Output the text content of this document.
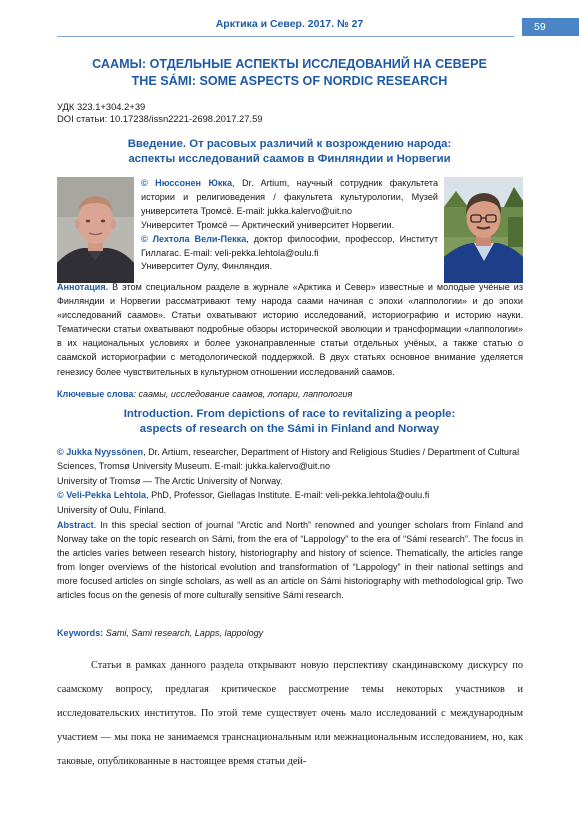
Арктика и Север. 2017. № 27	59
СААМЫ: ОТДЕЛЬНЫЕ АСПЕКТЫ ИССЛЕДОВАНИЙ НА СЕВЕРЕ
THE SÁMI: SOME ASPECTS OF NORDIC RESEARCH
УДК 323.1+304.2+39
DOI статьи: 10.17238/issn2221-2698.2017.27.59
Введение. От расовых различий к возрождению народа:
аспекты исследований саамов в Финляндии и Норвегии
© Нюссонен Юкка, Dr. Artium, научный сотрудник факультета истории и религиоведения / факультета культурологии, Музей университета Тромсё. E-mail: jukka.kalervo@uit.no
Университет Тромсё — Арктический университет Норвегии.
© Лехтола Вели-Пекка, доктор философии, профессор, Институт Гиллагас. E-mail: veli-pekka.lehtola@oulu.fi
Университет Оулу, Финляндия.
Аннотация. В этом специальном разделе в журнале «Арктика и Север» известные и молодые учёные из Финляндии и Норвегии рассматривают тему народа саами начиная с эпохи «лаппологии» и до эпохи «исследований саамов». Статьи охватывают историю исследований, историографию и историю науки. Тематически статьи охватывают подробные обзоры исторической эволюции и трансформации «лаппологии» в их национальных условиях и более узконаправленные статьи отдельных учёных, а также статью о саамской историографии с методологической поддержкой. В двух статьях основное внимание уделяется генезису более чувствительных в культурном отношении исследований саамов.
Ключевые слова: саамы, исследование саамов, лопари, лаппология
Introduction. From depictions of race to revitalizing a people:
aspects of research on the Sámi in Finland and Norway
© Jukka Nyyssönen, Dr. Artium, researcher, Department of History and Religious Studies / Department of Cultural Sciences, Tromsø University Museum. E-mail: jukka.kalervo@uit.no
University of Tromsø — The Arctic University of Norway.
© Veli-Pekka Lehtola, PhD, Professor, Giellagas Institute. E-mail: veli-pekka.lehtola@oulu.fi
University of Oulu, Finland.
Abstract. In this special section of journal “Arctic and North” renowned and younger scholars from Finland and Norway take on the topic research on Sámi, from the era of “Lappology” to the era of “Sámi research”. The focus in the articles varies between research history, historiography and history of science. Thematically, the articles range from longer overviews of the historical evolution and transformation of “Lappology” in their national settings and more focused articles on single scholars, as well as an article on Sámi historiography with methodological grip. Two articles focus on the genesis of more culturally sensitive Sámi research.
Keywords: Sami, Sami research, Lapps, lappology
Статьи в рамках данного раздела открывают новую перспективу скандинавскому дискурсу по саамскому вопросу, предлагая критическое рассмотрение темы некоторых участников и исследовательских институтов. По этой теме существует очень мало исследований с международным участием — мы пока не занимаемся транснациональным или межнациональным исследованием, но, как таковые, опубликованные в настоящее время статьи дей-
